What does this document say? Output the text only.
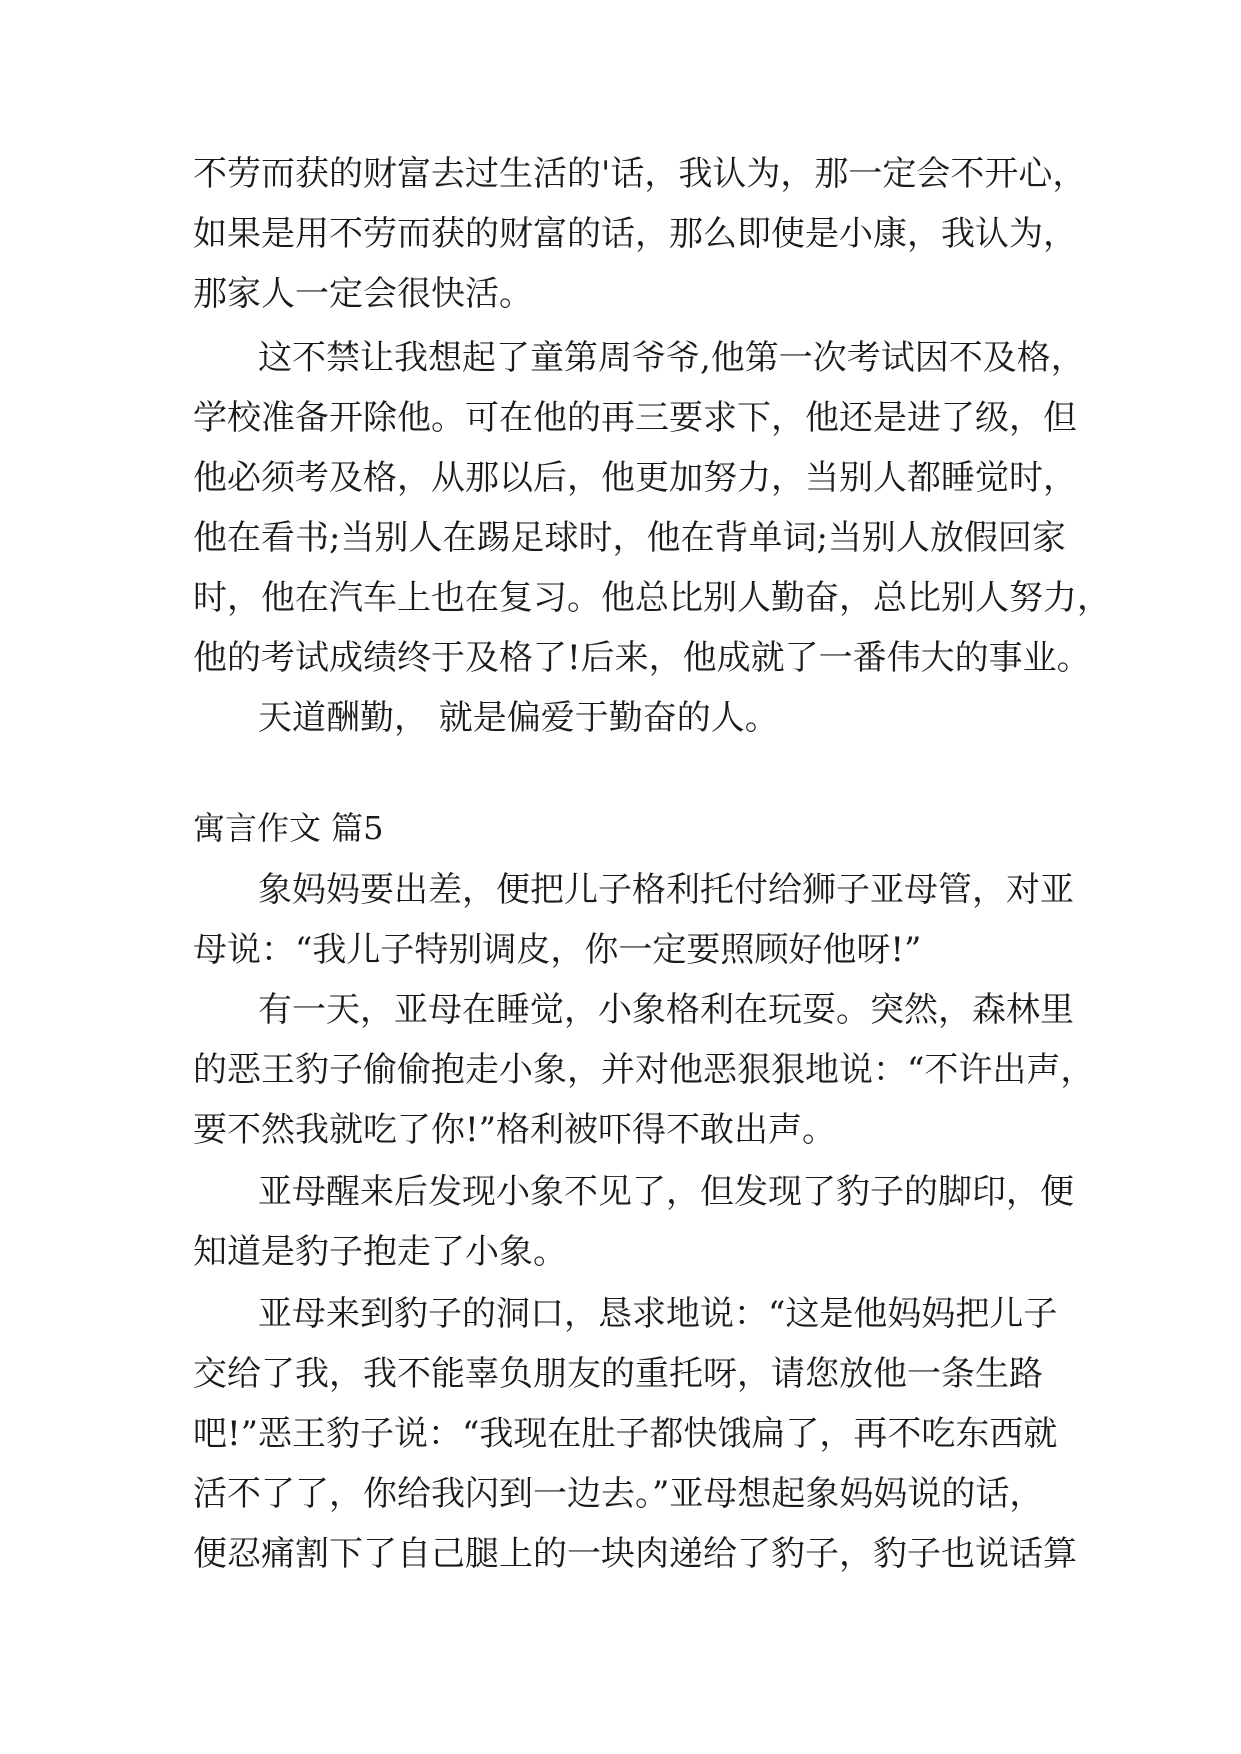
不劳而获的财富去过生活的'话，我认为，那一定会不开心，

如果是用不劳而获的财富的话，那么即使是小康，我认为，

那家人一定会很快活。

这不禁让我想起了童第周爷爷,他第一次考试因不及格，

学校准备开除他。可在他的再三要求下，他还是进了级，但

他必须考及格，从那以后，他更加努力，当别人都睡觉时，

他在看书;当别人在踢足球时，他在背单词;当别人放假回家

时，他在汽车上也在复习。他总比别人勤奋，总比别人努力，

他的考试成绩终于及格了!后来，他成就了一番伟大的事业。

天道酬勤， 就是偏爱于勤奋的人。

寓言作文 篇5

象妈妈要出差，便把儿子格利托付给狮子亚母管，对亚

母说：“我儿子特别调皮，你一定要照顾好他呀!”

有一天，亚母在睡觉，小象格利在玩耍。突然，森林里

的恶王豹子偷偷抱走小象，并对他恶狠狠地说：“不许出声，

要不然我就吃了你!”格利被吓得不敢出声。

亚母醒来后发现小象不见了，但发现了豹子的脚印，便

知道是豹子抱走了小象。

亚母来到豹子的洞口，恳求地说：“这是他妈妈把儿子

交给了我，我不能辜负朋友的重托呀，请您放他一条生路

吧!”恶王豹子说：“我现在肚子都快饿扁了，再不吃东西就

活不了了，你给我闪到一边去。”亚母想起象妈妈说的话，

便忍痛割下了自己腿上的一块肉递给了豹子，豹子也说话算
